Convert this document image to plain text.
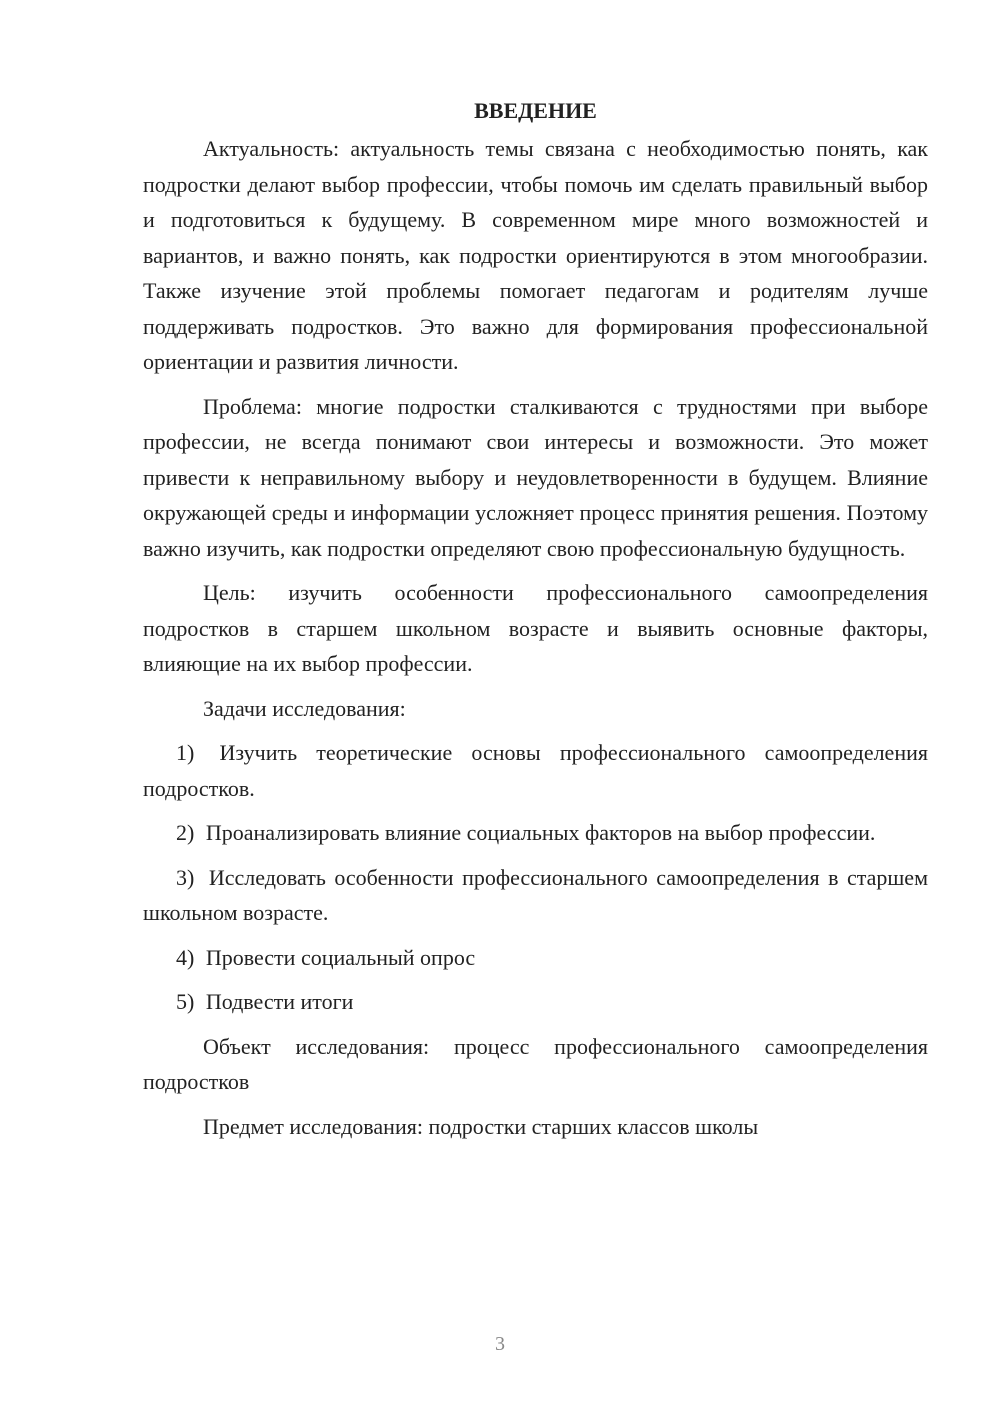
ВВЕДЕНИЕ

Актуальность: актуальность темы связана с необходимостью понять, как подростки делают выбор профессии, чтобы помочь им сделать правильный выбор и подготовиться к будущему. В современном мире много возможностей и вариантов, и важно понять, как подростки ориентируются в этом многообразии. Также изучение этой проблемы помогает педагогам и родителям лучше поддерживать подростков. Это важно для формирования профессиональной ориентации и развития личности.

Проблема: многие подростки сталкиваются с трудностями при выборе профессии, не всегда понимают свои интересы и возможности. Это может привести к неправильному выбору и неудовлетворенности в будущем. Влияние окружающей среды и информации усложняет процесс принятия решения. Поэтому важно изучить, как подростки определяют свою профессиональную будущность.

Цель: изучить особенности профессионального самоопределения подростков в старшем школьном возрасте и выявить основные факторы, влияющие на их выбор профессии.

Задачи исследования:

1) Изучить теоретические основы профессионального самоопределения подростков.

2) Проанализировать влияние социальных факторов на выбор профессии.

3) Исследовать особенности профессионального самоопределения в старшем школьном возрасте.

4) Провести социальный опрос

5) Подвести итоги

Объект исследования: процесс профессионального самоопределения подростков

Предмет исследования: подростки старших классов школы

3
